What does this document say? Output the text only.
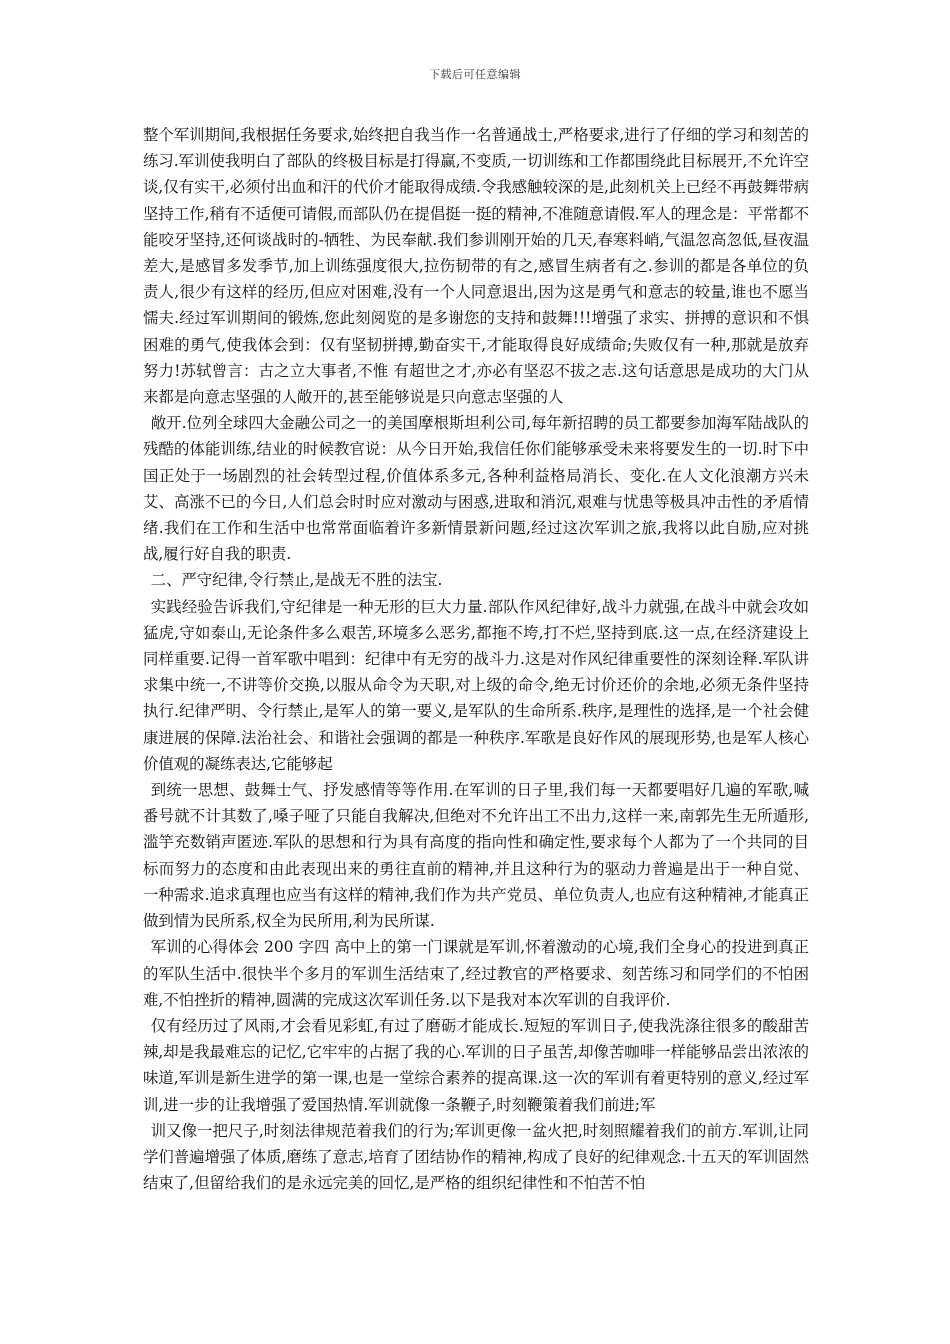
下载后可任意编辑

整个军训期间,我根据任务要求,始终把自我当作一名普通战士,严格要求,进行了仔细的学习和刻苦的练习.军训使我明白了部队的终极目标是打得赢,不变质,一切训练和工作都围绕此目标展开,不允许空谈,仅有实干,必须付出血和汗的代价才能取得成绩.令我感触较深的是,此刻机关上已经不再鼓舞带病坚持工作,稍有不适便可请假,而部队仍在提倡挺一挺的精神,不准随意请假.军人的理念是：平常都不能咬牙坚持,还何谈战时的-牺牲、为民奉献.我们参训刚开始的几天,春寒料峭,气温忽高忽低,昼夜温差大,是感冒多发季节,加上训练强度很大,拉伤韧带的有之,感冒生病者有之.参训的都是各单位的负责人,很少有这样的经历,但应对困难,没有一个人同意退出,因为这是勇气和意志的较量,谁也不愿当懦夫.经过军训期间的锻炼,您此刻阅览的是多谢您的支持和鼓舞!!!增强了求实、拼搏的意识和不惧困难的勇气,使我体会到：仅有坚韧拼搏,勤奋实干,才能取得良好成绩命;失败仅有一种,那就是放弃努力!苏轼曾言：古之立大事者,不惟 有超世之才,亦必有坚忍不拔之志.这句话意思是成功的大门从来都是向意志坚强的人敞开的,甚至能够说是只向意志坚强的人

敞开.位列全球四大金融公司之一的美国摩根斯坦利公司,每年新招聘的员工都要参加海军陆战队的残酷的体能训练,结业的时候教官说：从今日开始,我信任你们能够承受未来将要发生的一切.时下中国正处于一场剧烈的社会转型过程,价值体系多元,各种利益格局消长、变化.在人文化浪潮方兴未艾、高涨不已的今日,人们总会时时应对激动与困惑,进取和消沉,艰难与忧患等极具冲击性的矛盾情绪.我们在工作和生活中也常常面临着许多新情景新问题,经过这次军训之旅,我将以此自励,应对挑战,履行好自我的职责.

二、严守纪律,令行禁止,是战无不胜的法宝.

实践经验告诉我们,守纪律是一种无形的巨大力量.部队作风纪律好,战斗力就强,在战斗中就会攻如猛虎,守如泰山,无论条件多么艰苦,环境多么恶劣,都拖不垮,打不烂,坚持到底.这一点,在经济建设上同样重要.记得一首军歌中唱到：纪律中有无穷的战斗力.这是对作风纪律重要性的深刻诠释.军队讲求集中统一,不讲等价交换,以服从命令为天职,对上级的命令,绝无讨价还价的余地,必须无条件坚持执行.纪律严明、令行禁止,是军人的第一要义,是军队的生命所系.秩序,是理性的选择,是一个社会健康进展的保障.法治社会、和谐社会强调的都是一种秩序.军歌是良好作风的展现形势,也是军人核心价值观的凝练表达,它能够起

到统一思想、鼓舞士气、抒发感情等等作用.在军训的日子里,我们每一天都要唱好几遍的军歌,喊番号就不计其数了,嗓子哑了只能自我解决,但绝对不允许出工不出力,这样一来,南郭先生无所遁形,滥竽充数销声匿迹.军队的思想和行为具有高度的指向性和确定性,要求每个人都为了一个共同的目标而努力的态度和由此表现出来的勇往直前的精神,并且这种行为的驱动力普遍是出于一种自觉、一种需求.追求真理也应当有这样的精神,我们作为共产党员、单位负责人,也应有这种精神,才能真正 做到情为民所系,权全为民所用,利为民所谋.

军训的心得体会 200 字四 高中上的第一门课就是军训,怀着激动的心境,我们全身心的投进到真正的军队生活中.很快半个多月的军训生活结束了,经过教官的严格要求、刻苦练习和同学们的不怕困难,不怕挫折的精神,圆满的完成这次军训任务.以下是我对本次军训的自我评价.

仅有经历过了风雨,才会看见彩虹,有过了磨砺才能成长.短短的军训日子,使我洗涤往很多的酸甜苦辣,却是我最难忘的记忆,它牢牢的占据了我的心.军训的日子虽苦,却像苦咖啡一样能够品尝出浓浓的味道,军训是新生进学的第一课,也是一堂综合素养的提高课.这一次的军训有着更特别的意义,经过军训,进一步的让我增强了爱国热情.军训就像一条鞭子,时刻鞭策着我们前进;军

训又像一把尺子,时刻法律规范着我们的行为;军训更像一盆火把,时刻照耀着我们的前方.军训,让同学们普遍增强了体质,磨练了意志,培育了团结协作的精神,构成了良好的纪律观念.十五天的军训固然结束了,但留给我们的是永远完美的回忆,是严格的组织纪律性和不怕苦不怕
